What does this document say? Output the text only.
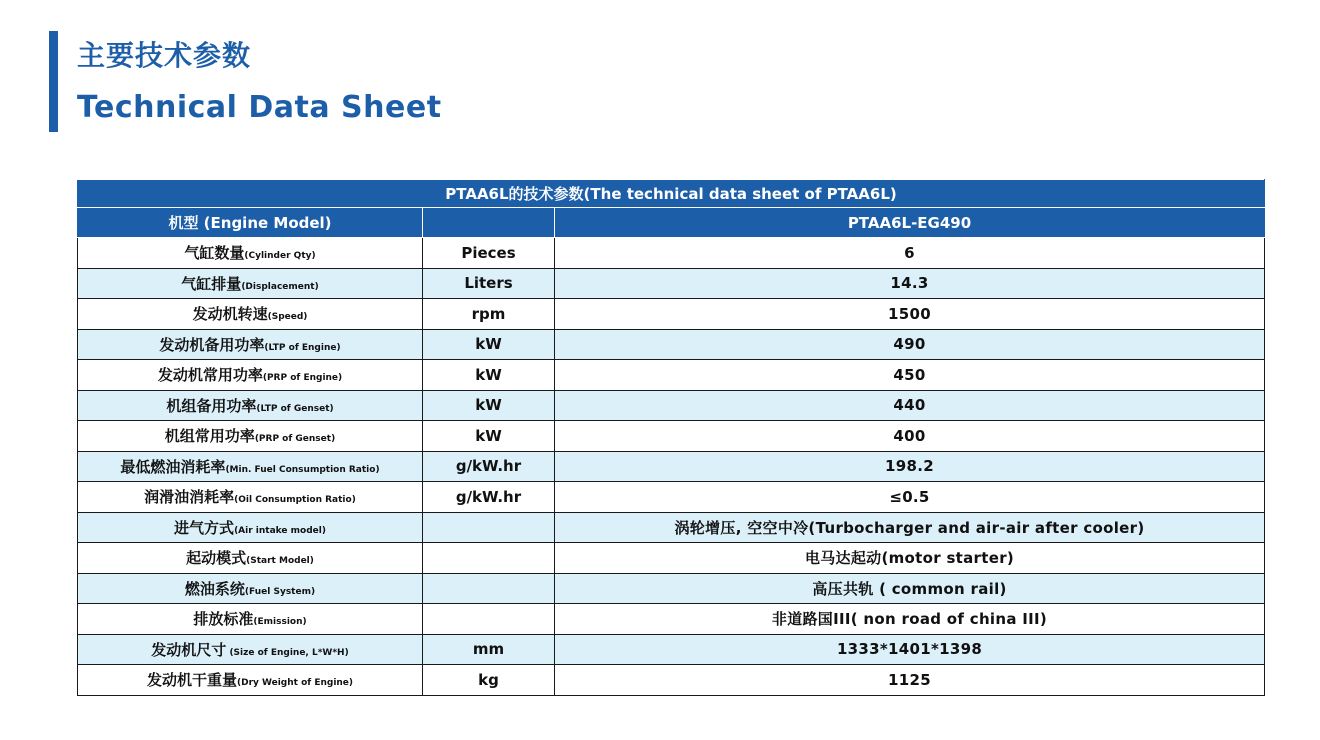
主要技术参数
Technical Data Sheet
PTAA6L的技术参数(The technical data sheet of PTAA6L)		
机型 (Engine Model)		PTAA6L-EG490
气缸数量(Cylinder Qty)	Pieces	6
气缸排量(Displacement)	Liters	14.3
发动机转速(Speed)	rpm	1500
发动机备用功率(LTP of Engine)	kW	490
发动机常用功率(PRP of Engine)	kW	450
机组备用功率(LTP of Genset)	kW	440
机组常用功率(PRP of Genset)	kW	400
最低燃油消耗率(Min. Fuel Consumption Ratio)	g/kW.hr	198.2
润滑油消耗率(Oil Consumption Ratio)	g/kW.hr	≤0.5
进气方式(Air intake model)		涡轮增压, 空空中冷(Turbocharger and air-air after cooler)
起动模式(Start Model)		电马达起动(motor starter)
燃油系统(Fuel System)		高压共轨 ( common rail)
排放标准(Emission)		非道路国III( non road of china III)
发动机尺寸 (Size of Engine, L*W*H)	mm	1333*1401*1398
发动机干重量(Dry Weight of Engine)	kg	1125
